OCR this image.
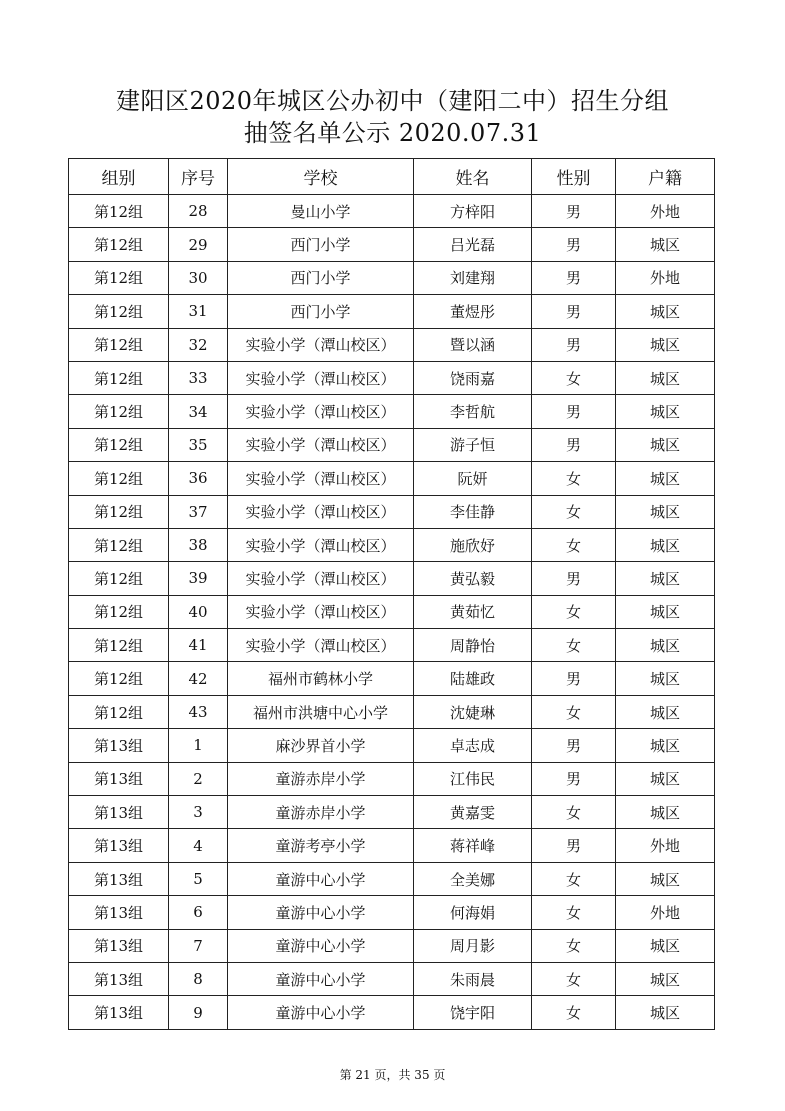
建阳区2020年城区公办初中（建阳二中）招生分组
抽签名单公示 2020.07.31
组别	序号	学校	姓名	性别	户籍
第12组	28	曼山小学	方梓阳	男	外地
第12组	29	西门小学	吕光磊	男	城区
第12组	30	西门小学	刘建翔	男	外地
第12组	31	西门小学	董煜彤	男	城区
第12组	32	实验小学（潭山校区）	暨以涵	男	城区
第12组	33	实验小学（潭山校区）	饶雨嘉	女	城区
第12组	34	实验小学（潭山校区）	李哲航	男	城区
第12组	35	实验小学（潭山校区）	游子恒	男	城区
第12组	36	实验小学（潭山校区）	阮妍	女	城区
第12组	37	实验小学（潭山校区）	李佳静	女	城区
第12组	38	实验小学（潭山校区）	施欣妤	女	城区
第12组	39	实验小学（潭山校区）	黄弘毅	男	城区
第12组	40	实验小学（潭山校区）	黄茹忆	女	城区
第12组	41	实验小学（潭山校区）	周静怡	女	城区
第12组	42	福州市鹤林小学	陆雄政	男	城区
第12组	43	福州市洪塘中心小学	沈婕琳	女	城区
第13组	1	麻沙界首小学	卓志成	男	城区
第13组	2	童游赤岸小学	江伟民	男	城区
第13组	3	童游赤岸小学	黄嘉雯	女	城区
第13组	4	童游考亭小学	蒋祥峰	男	外地
第13组	5	童游中心小学	全美娜	女	城区
第13组	6	童游中心小学	何海娟	女	外地
第13组	7	童游中心小学	周月影	女	城区
第13组	8	童游中心小学	朱雨晨	女	城区
第13组	9	童游中心小学	饶宇阳	女	城区
第 21 页，共 35 页
